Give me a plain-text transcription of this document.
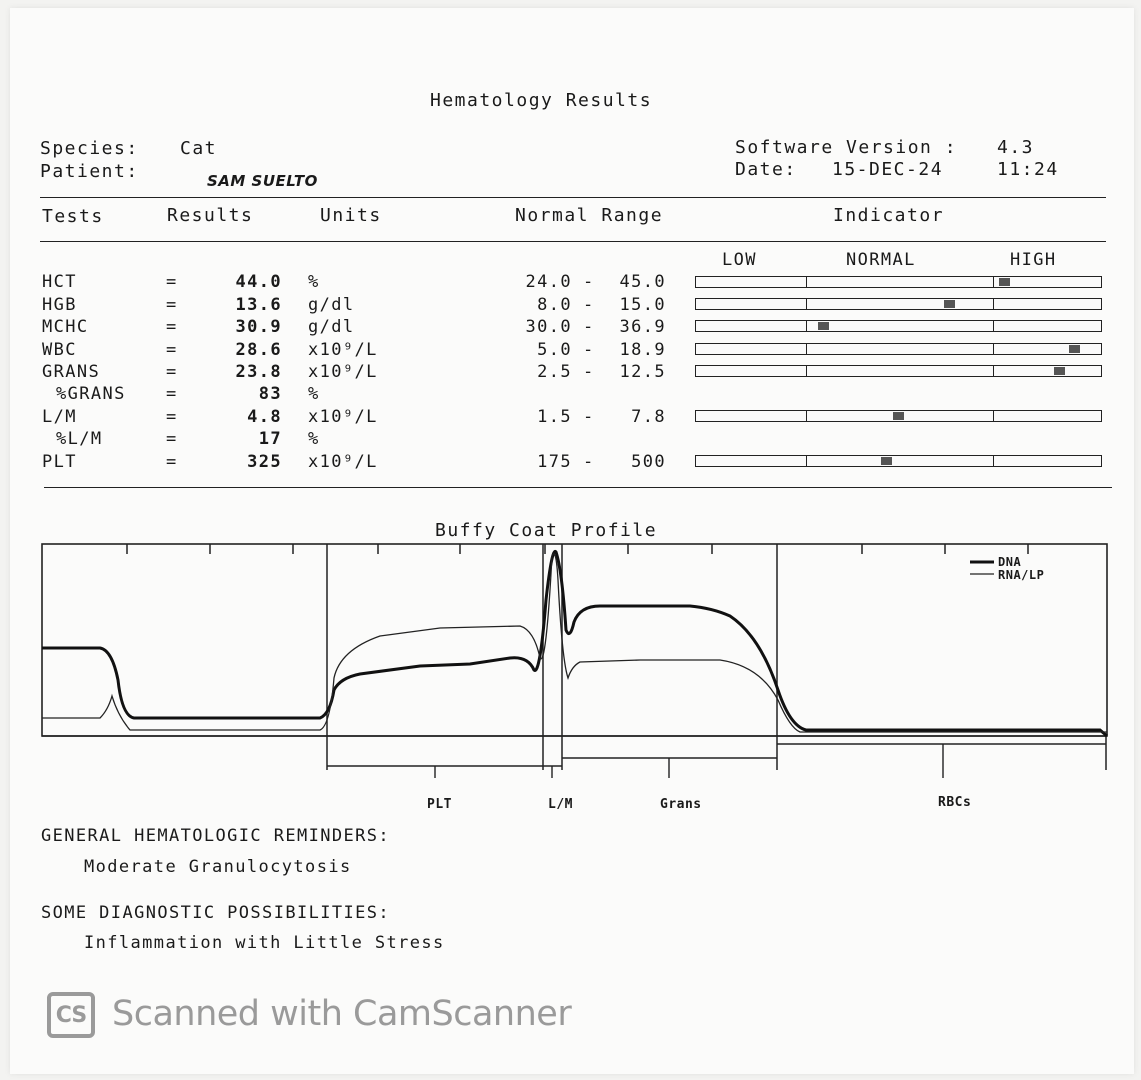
Hematology Results
Species: Cat
Patient:	SAM SUELTO
Software Version : 4.3
Date: 15-DEC-24	11:24
Tests	Results	Units	Normal Range	Indicator
LOW	NORMAL	HIGH
HCT	=	44.0 %	24.0 - 45.0
HGB	=	13.6 g/dl	8.0 - 15.0
MCHC	=	30.9 g/dl	30.0 - 36.9
WBC	=	28.6 x10⁹/L	5.0 - 18.9
GRANS	=	23.8 x10⁹/L	2.5 - 12.5
%GRANS =	83 %
L/M	=	4.8 x10⁹/L	1.5 - 7.8
%L/M	=	17 %
PLT	=	325 x10⁹/L	175 - 500
Buffy Coat Profile
DNA
RNA/LP
PLT	L/M	Grans	RBCs
GENERAL HEMATOLOGIC REMINDERS:
Moderate Granulocytosis
SOME DIAGNOSTIC POSSIBILITIES:
Inflammation with Little Stress
CS Scanned with CamScanner
